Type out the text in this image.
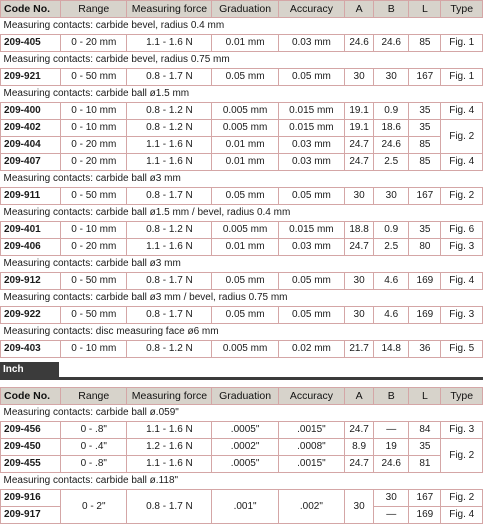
Code No.	Range	Measuring force	Graduation	Accuracy	A	B	L	Type
Measuring contacts: carbide bevel, radius 0.4 mm								
209-405	0 - 20 mm	1.1 - 1.6 N	0.01 mm	0.03 mm	24.6	24.6	85	Fig. 1
Measuring contacts: carbide bevel, radius 0.75 mm								
209-921	0 - 50 mm	0.8 - 1.7 N	0.05 mm	0.05 mm	30	30	167	Fig. 1
Measuring contacts: carbide ball ø1.5 mm								
209-400	0 - 10 mm	0.8 - 1.2 N	0.005 mm	0.015 mm	19.1	0.9	35	Fig. 4
209-402	0 - 10 mm	0.8 - 1.2 N	0.005 mm	0.015 mm	19.1	18.6	35	Fig. 2
209-404	0 - 20 mm	1.1 - 1.6 N	0.01 mm	0.03 mm	24.7	24.6	85	
209-407	0 - 20 mm	1.1 - 1.6 N	0.01 mm	0.03 mm	24.7	2.5	85	Fig. 4
Measuring contacts: carbide ball ø3 mm								
209-911	0 - 50 mm	0.8 - 1.7 N	0.05 mm	0.05 mm	30	30	167	Fig. 2
Measuring contacts: carbide ball ø1.5 mm / bevel, radius 0.4 mm								
209-401	0 - 10 mm	0.8 - 1.2 N	0.005 mm	0.015 mm	18.8	0.9	35	Fig. 6
209-406	0 - 20 mm	1.1 - 1.6 N	0.01 mm	0.03 mm	24.7	2.5	80	Fig. 3
Measuring contacts: carbide ball ø3 mm								
209-912	0 - 50 mm	0.8 - 1.7 N	0.05 mm	0.05 mm	30	4.6	169	Fig. 4
Measuring contacts: carbide ball ø3 mm / bevel, radius 0.75 mm								
209-922	0 - 50 mm	0.8 - 1.7 N	0.05 mm	0.05 mm	30	4.6	169	Fig. 3
Measuring contacts: disc measuring face ø6 mm								
209-403	0 - 10 mm	0.8 - 1.2 N	0.005 mm	0.02 mm	21.7	14.8	36	Fig. 5
Inch
Code No.	Range	Measuring force	Graduation	Accuracy	A	B	L	Type
Measuring contacts: carbide ball ø.059"								
209-456	0 - .8"	1.1 - 1.6 N	.0005"	.0015"	24.7	—	84	Fig. 3
209-450	0 - .4"	1.2 - 1.6 N	.0002"	.0008"	8.9	19	35	Fig. 2
209-455	0 - .8"	1.1 - 1.6 N	.0005"	.0015"	24.7	24.6	81	
Measuring contacts: carbide ball ø.118"								
209-916	0 - 2"	0.8 - 1.7 N	.001"	.002"	30	30	167	Fig. 2
209-917						—	169	Fig. 4
